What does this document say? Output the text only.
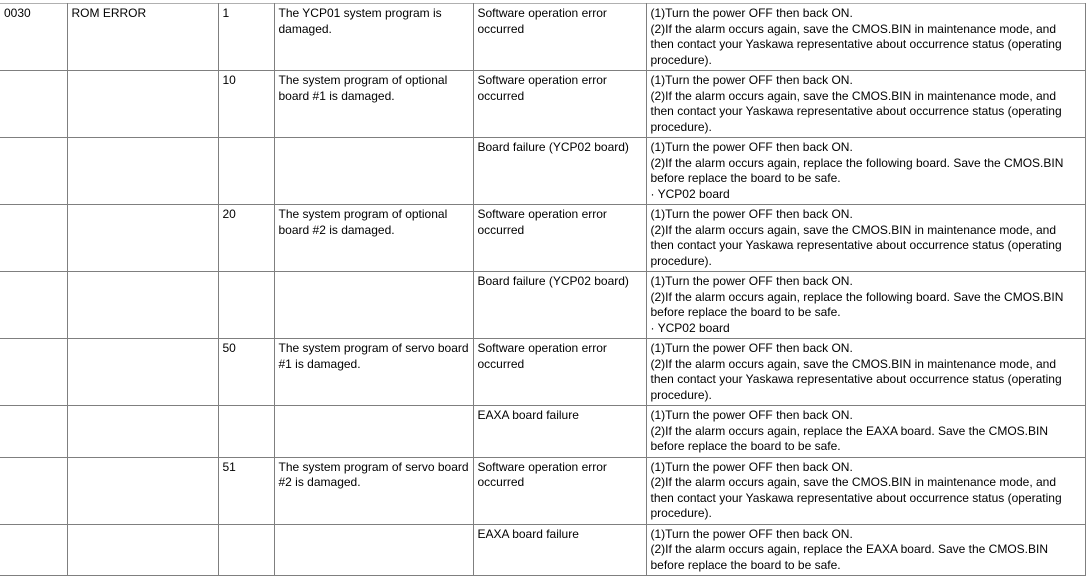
0030	ROM ERROR	1	The YCP01 system program is damaged.	Software operation error occurred	(1)Turn the power OFF then back ON.
(2)If the alarm occurs again, save the CMOS.BIN in maintenance mode, and then contact your Yaskawa representative about occurrence status (operating procedure).
		10	The system program of optional board #1 is damaged.	Software operation error occurred	(1)Turn the power OFF then back ON.
(2)If the alarm occurs again, save the CMOS.BIN in maintenance mode, and then contact your Yaskawa representative about occurrence status (operating procedure).
				Board failure (YCP02 board)	(1)Turn the power OFF then back ON.
(2)If the alarm occurs again, replace the following board. Save the CMOS.BIN before replace the board to be safe.
· YCP02 board
		20	The system program of optional board #2 is damaged.	Software operation error occurred	(1)Turn the power OFF then back ON.
(2)If the alarm occurs again, save the CMOS.BIN in maintenance mode, and then contact your Yaskawa representative about occurrence status (operating procedure).
				Board failure (YCP02 board)	(1)Turn the power OFF then back ON.
(2)If the alarm occurs again, replace the following board. Save the CMOS.BIN before replace the board to be safe.
· YCP02 board
		50	The system program of servo board #1 is damaged.	Software operation error occurred	(1)Turn the power OFF then back ON.
(2)If the alarm occurs again, save the CMOS.BIN in maintenance mode, and then contact your Yaskawa representative about occurrence status (operating procedure).
				EAXA board failure	(1)Turn the power OFF then back ON.
(2)If the alarm occurs again, replace the EAXA board. Save the CMOS.BIN before replace the board to be safe.
		51	The system program of servo board #2 is damaged.	Software operation error occurred	(1)Turn the power OFF then back ON.
(2)If the alarm occurs again, save the CMOS.BIN in maintenance mode, and then contact your Yaskawa representative about occurrence status (operating procedure).
				EAXA board failure	(1)Turn the power OFF then back ON.
(2)If the alarm occurs again, replace the EAXA board. Save the CMOS.BIN before replace the board to be safe.
